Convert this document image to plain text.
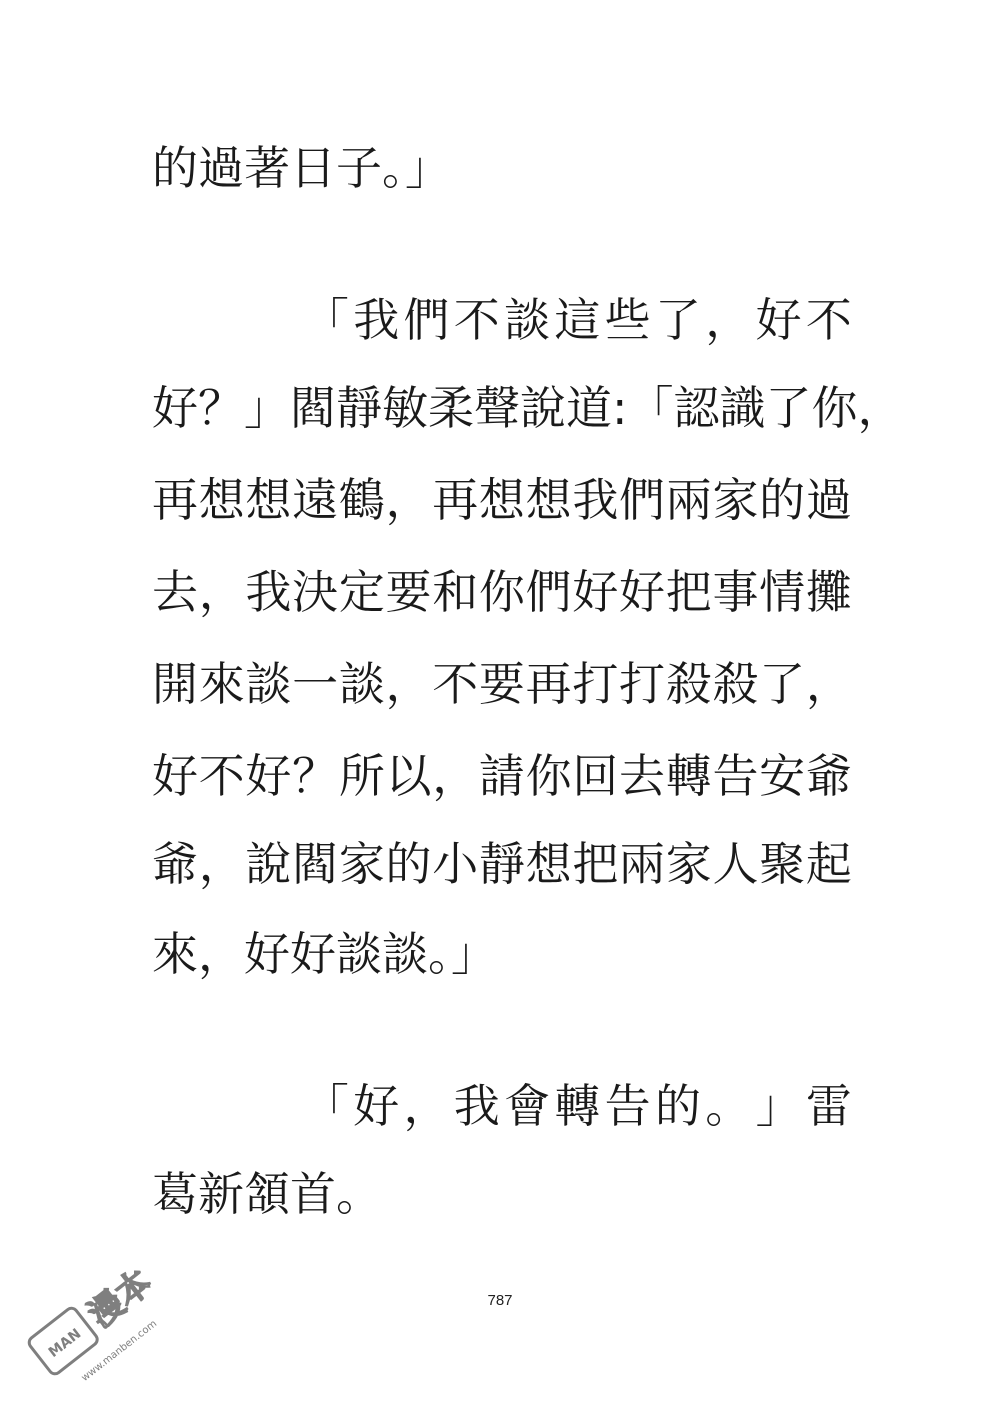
的過著日子。」

「 我 們 不 談 這 些 了 ， 好 不
好 ？ 」 閻 靜 敏 柔 聲 說 道 : 「 認 識 了 你 ，
再 想 想 遠 鶴 ， 再 想 想 我 們 兩 家 的 過
去 ， 我 決 定 要 和 你 們 好 好 把 事 情 攤
開 來 談 一 談 ， 不 要 再 打 打 殺 殺 了 ，
好 不 好 ？ 所 以 ， 請 你 回 去 轉 告 安 爺
爺 ， 說 閻 家 的 小 靜 想 把 兩 家 人 聚 起
來，好好談談。」

「 好 ， 我 會 轉 告 的 。 」 雷
葛新頷首。
787
MAN
漫本
www.manben.com
